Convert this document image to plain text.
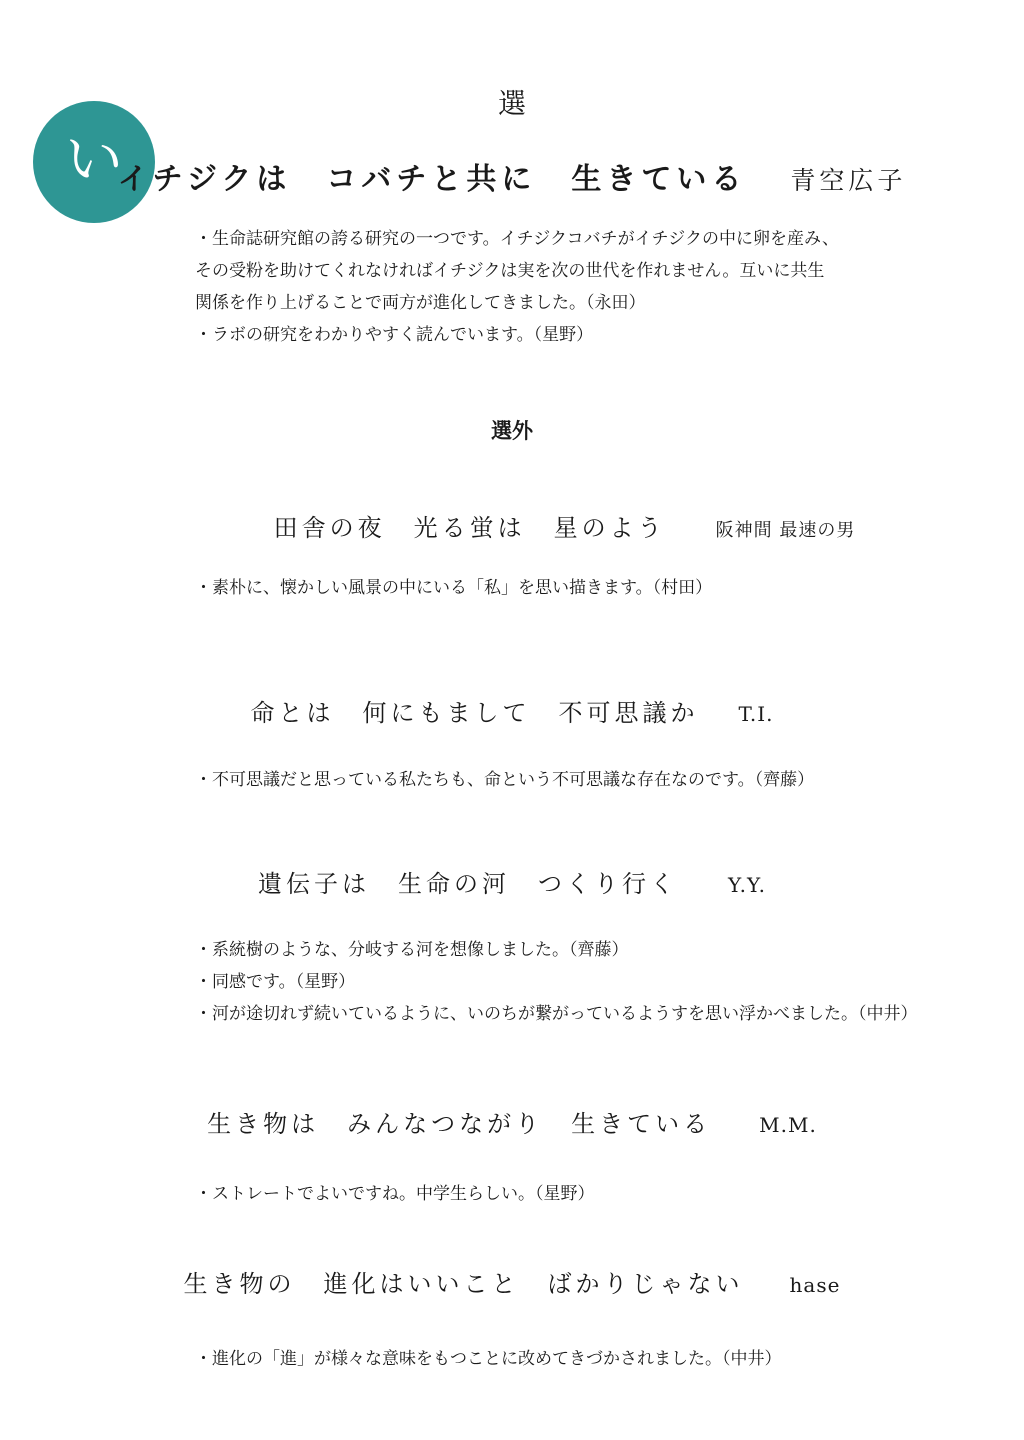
い
選
イチジクは　コバチと共に　生きている 青空広子
・生命誌研究館の誇る研究の一つです。イチジクコバチがイチジクの中に卵を産み、
その受粉を助けてくれなければイチジクは実を次の世代を作れません。互いに共生
関係を作り上げることで両方が進化してきました。（永田）
・ラボの研究をわかりやすく読んでいます。（星野）
選外
田舎の夜　光る蛍は　星のよう	阪神間 最速の男
・素朴に、懐かしい風景の中にいる「私」を思い描きます。（村田）
命とは　何にもまして　不可思議か T.I.
・不可思議だと思っている私たちも、命という不可思議な存在なのです。（齊藤）
遺伝子は　生命の河　つくり行く	Y.Y.
・系統樹のような、分岐する河を想像しました。（齊藤）
・同感です。（星野）
・河が途切れず続いているように、いのちが繋がっているようすを思い浮かべました。（中井）
生き物は　みんなつながり　生きている M.M.
・ストレートでよいですね。中学生らしい。（星野）
生き物の　進化はいいこと　ばかりじゃない hase
・進化の「進」が様々な意味をもつことに改めてきづかされました。（中井）
